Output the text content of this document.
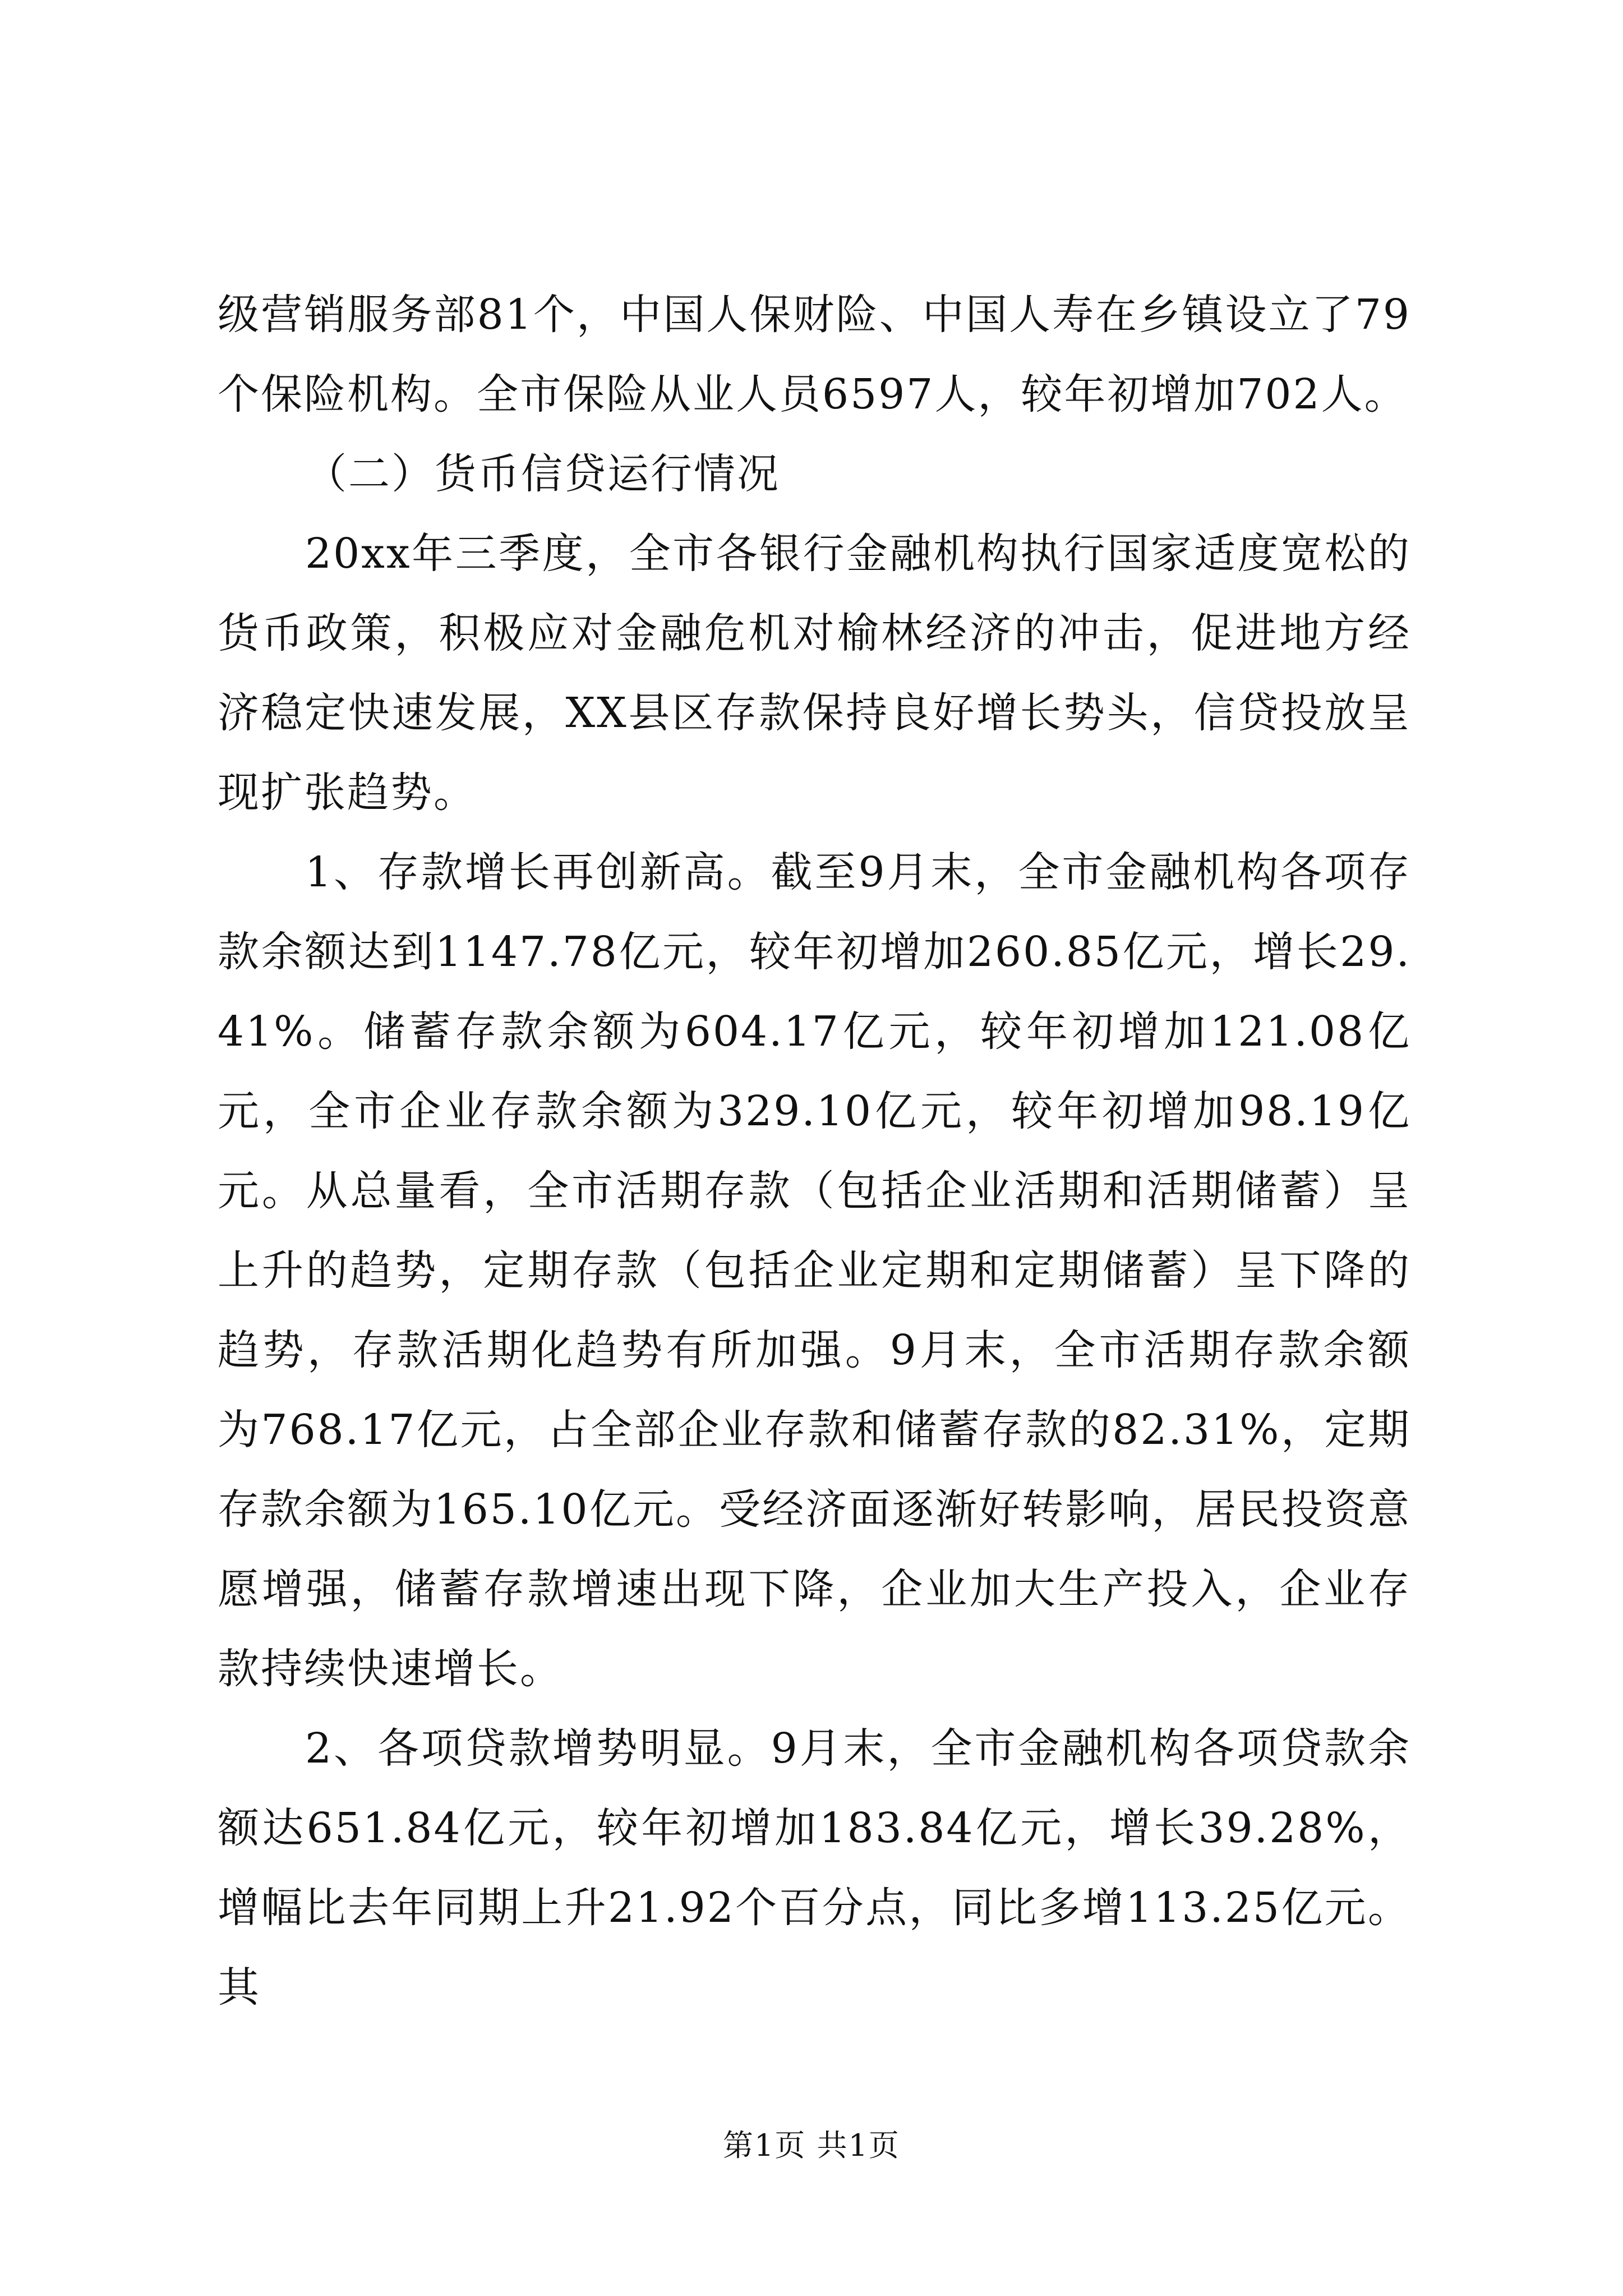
级营销服务部81个，中国人保财险、中国人寿在乡镇设立了79个保险机构。全市保险从业人员6597人，较年初增加702人。

（二）货币信贷运行情况

20xx年三季度，全市各银行金融机构执行国家适度宽松的货币政策，积极应对金融危机对榆林经济的冲击，促进地方经济稳定快速发展，XX县区存款保持良好增长势头，信贷投放呈现扩张趋势。

1、存款增长再创新高。截至9月末，全市金融机构各项存款余额达到1147.78亿元，较年初增加260.85亿元，增长29.41%。储蓄存款余额为604.17亿元，较年初增加121.08亿元，全市企业存款余额为329.10亿元，较年初增加98.19亿元。从总量看，全市活期存款（包括企业活期和活期储蓄）呈上升的趋势，定期存款（包括企业定期和定期储蓄）呈下降的趋势，存款活期化趋势有所加强。9月末，全市活期存款余额为768.17亿元，占全部企业存款和储蓄存款的82.31%，定期存款余额为165.10亿元。受经济面逐渐好转影响，居民投资意愿增强，储蓄存款增速出现下降，企业加大生产投入，企业存款持续快速增长。

2、各项贷款增势明显。9月末，全市金融机构各项贷款余额达651.84亿元，较年初增加183.84亿元，增长39.28%，增幅比去年同期上升21.92个百分点，同比多增113.25亿元。其

第1页 共1页
